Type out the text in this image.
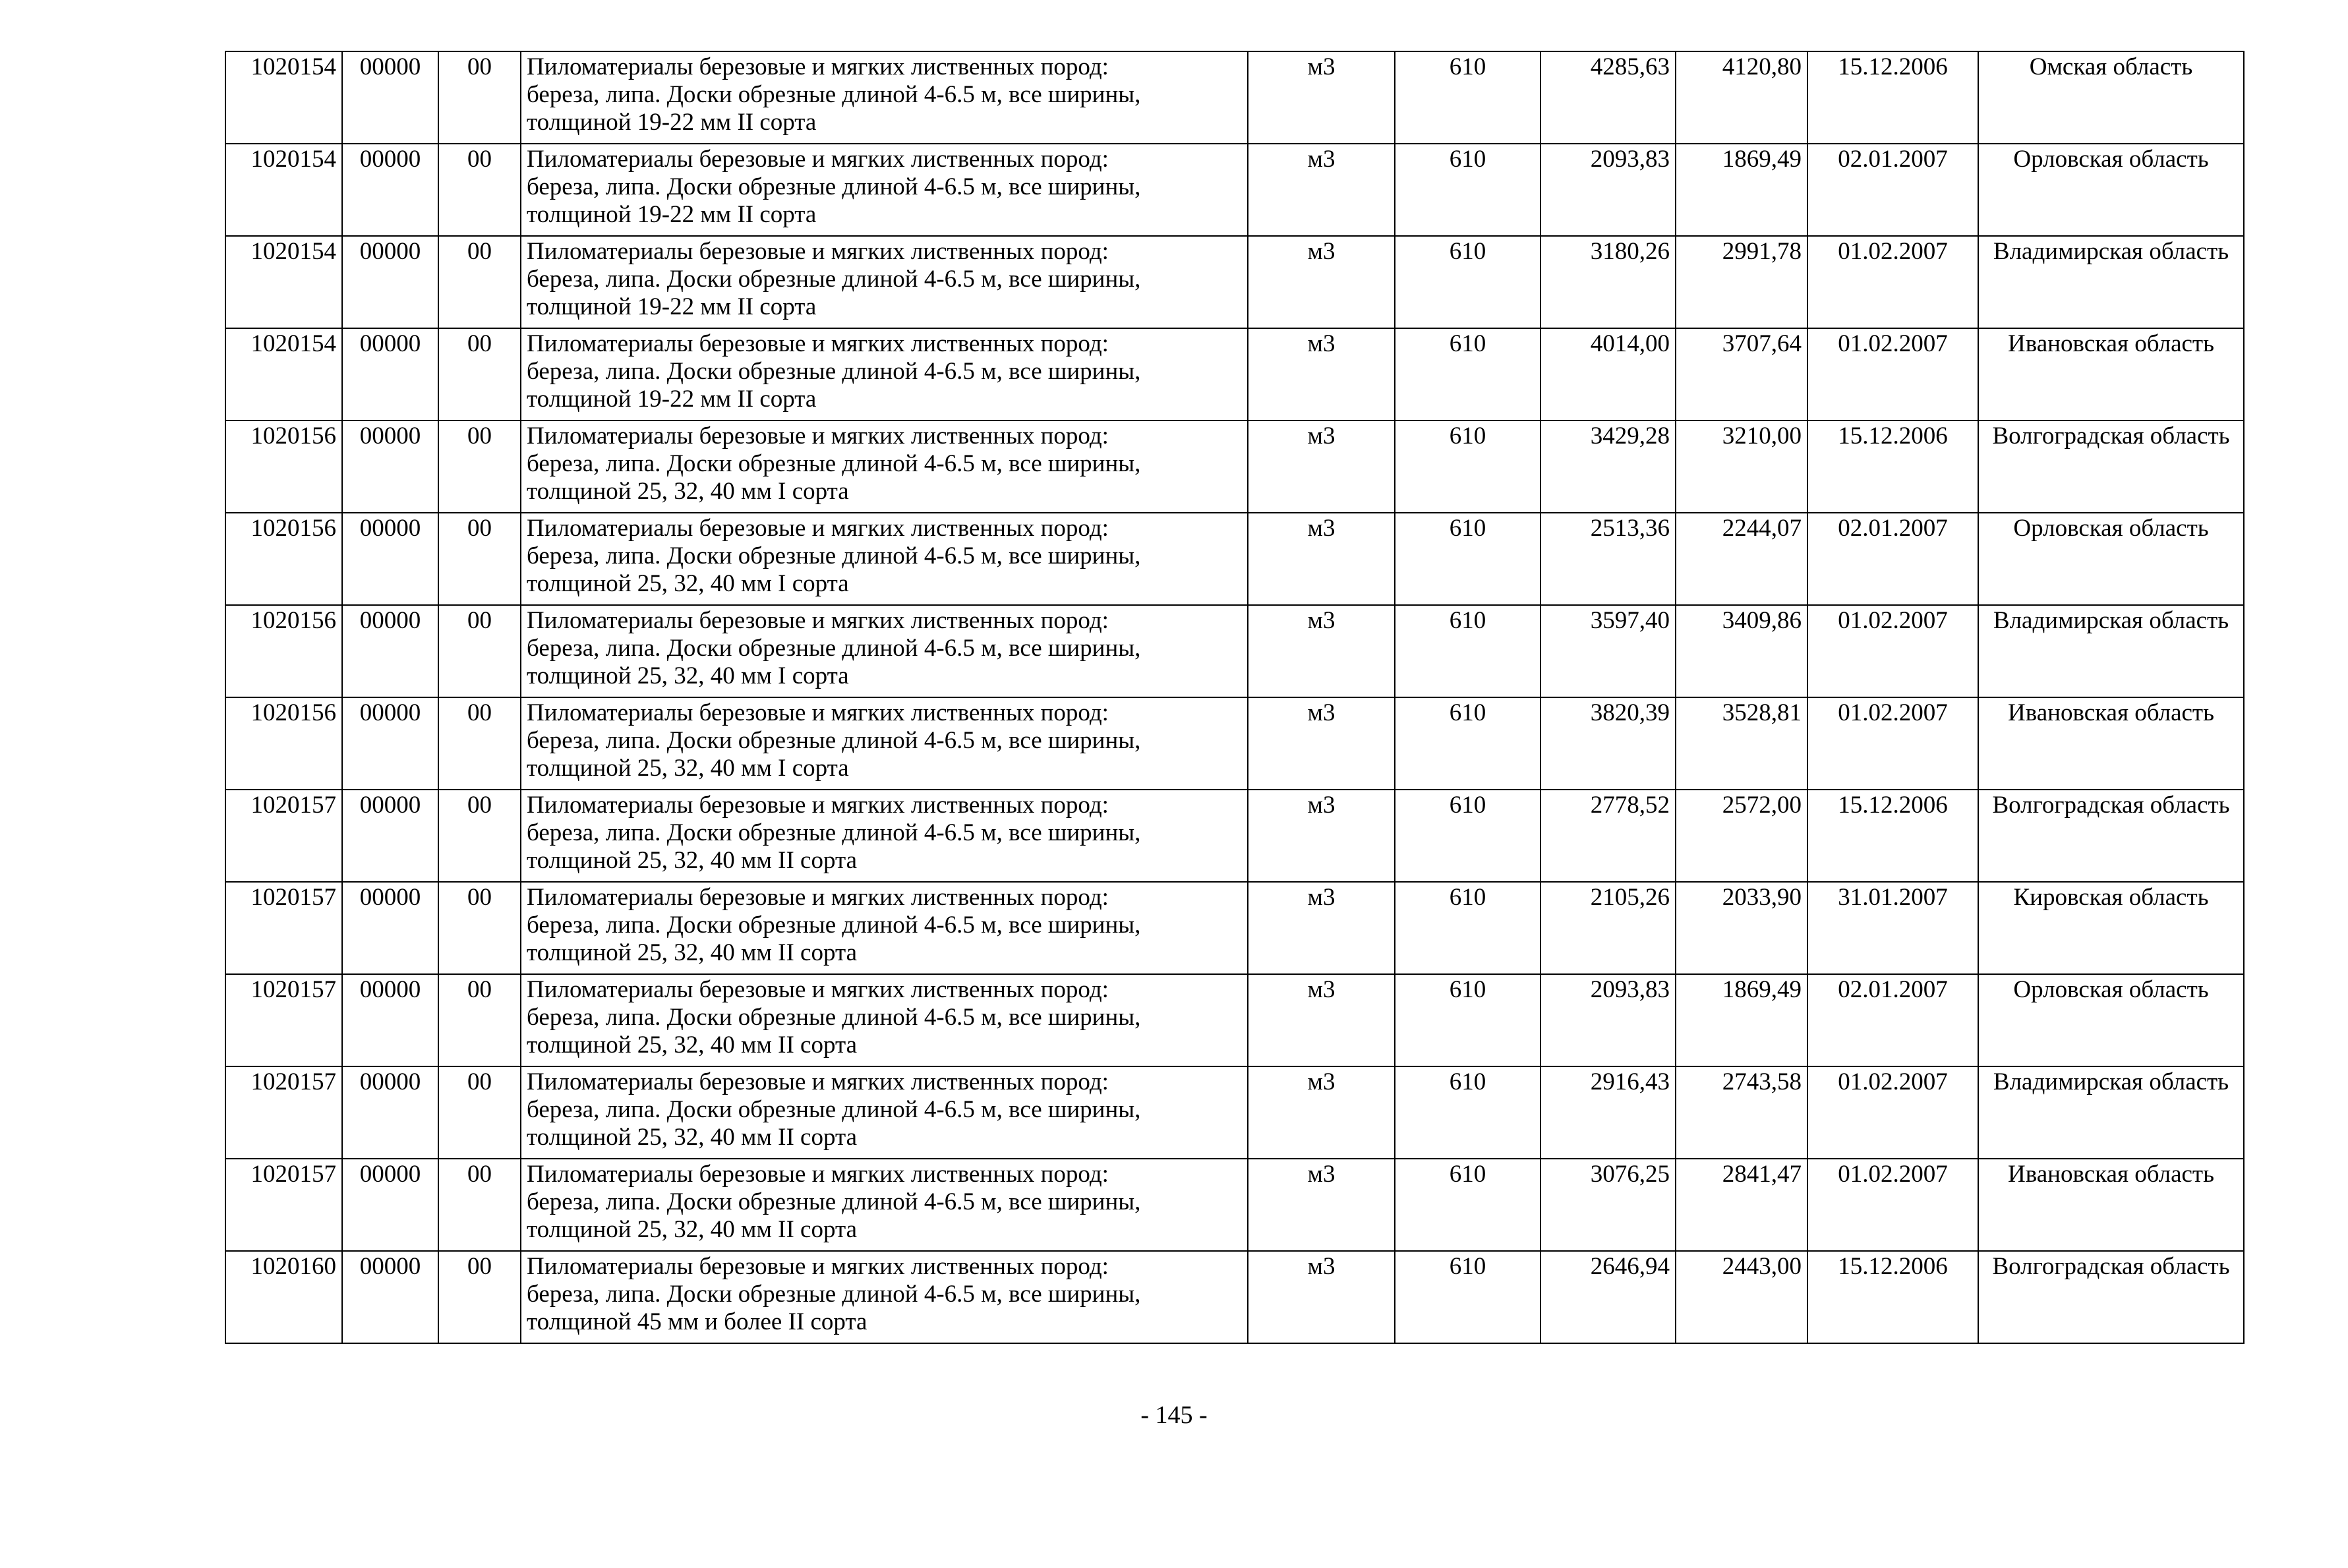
1020154	00000	00	Пиломатериалы березовые и мягких лиственных пород:
береза, липа. Доски обрезные длиной 4-6.5 м, все ширины,
толщиной 19-22 мм II сорта	м3	610	4285,63	4120,80	15.12.2006	Омская область
1020154	00000	00	Пиломатериалы березовые и мягких лиственных пород:
береза, липа. Доски обрезные длиной 4-6.5 м, все ширины,
толщиной 19-22 мм II сорта	м3	610	2093,83	1869,49	02.01.2007	Орловская область
1020154	00000	00	Пиломатериалы березовые и мягких лиственных пород:
береза, липа. Доски обрезные длиной 4-6.5 м, все ширины,
толщиной 19-22 мм II сорта	м3	610	3180,26	2991,78	01.02.2007	Владимирская область
1020154	00000	00	Пиломатериалы березовые и мягких лиственных пород:
береза, липа. Доски обрезные длиной 4-6.5 м, все ширины,
толщиной 19-22 мм II сорта	м3	610	4014,00	3707,64	01.02.2007	Ивановская область
1020156	00000	00	Пиломатериалы березовые и мягких лиственных пород:
береза, липа. Доски обрезные длиной 4-6.5 м, все ширины,
толщиной 25, 32, 40 мм I сорта	м3	610	3429,28	3210,00	15.12.2006	Волгоградская область
1020156	00000	00	Пиломатериалы березовые и мягких лиственных пород:
береза, липа. Доски обрезные длиной 4-6.5 м, все ширины,
толщиной 25, 32, 40 мм I сорта	м3	610	2513,36	2244,07	02.01.2007	Орловская область
1020156	00000	00	Пиломатериалы березовые и мягких лиственных пород:
береза, липа. Доски обрезные длиной 4-6.5 м, все ширины,
толщиной 25, 32, 40 мм I сорта	м3	610	3597,40	3409,86	01.02.2007	Владимирская область
1020156	00000	00	Пиломатериалы березовые и мягких лиственных пород:
береза, липа. Доски обрезные длиной 4-6.5 м, все ширины,
толщиной 25, 32, 40 мм I сорта	м3	610	3820,39	3528,81	01.02.2007	Ивановская область
1020157	00000	00	Пиломатериалы березовые и мягких лиственных пород:
береза, липа. Доски обрезные длиной 4-6.5 м, все ширины,
толщиной 25, 32, 40 мм II сорта	м3	610	2778,52	2572,00	15.12.2006	Волгоградская область
1020157	00000	00	Пиломатериалы березовые и мягких лиственных пород:
береза, липа. Доски обрезные длиной 4-6.5 м, все ширины,
толщиной 25, 32, 40 мм II сорта	м3	610	2105,26	2033,90	31.01.2007	Кировская область
1020157	00000	00	Пиломатериалы березовые и мягких лиственных пород:
береза, липа. Доски обрезные длиной 4-6.5 м, все ширины,
толщиной 25, 32, 40 мм II сорта	м3	610	2093,83	1869,49	02.01.2007	Орловская область
1020157	00000	00	Пиломатериалы березовые и мягких лиственных пород:
береза, липа. Доски обрезные длиной 4-6.5 м, все ширины,
толщиной 25, 32, 40 мм II сорта	м3	610	2916,43	2743,58	01.02.2007	Владимирская область
1020157	00000	00	Пиломатериалы березовые и мягких лиственных пород:
береза, липа. Доски обрезные длиной 4-6.5 м, все ширины,
толщиной 25, 32, 40 мм II сорта	м3	610	3076,25	2841,47	01.02.2007	Ивановская область
1020160	00000	00	Пиломатериалы березовые и мягких лиственных пород:
береза, липа. Доски обрезные длиной 4-6.5 м, все ширины,
толщиной 45 мм и более II сорта	м3	610	2646,94	2443,00	15.12.2006	Волгоградская область
- 145 -
